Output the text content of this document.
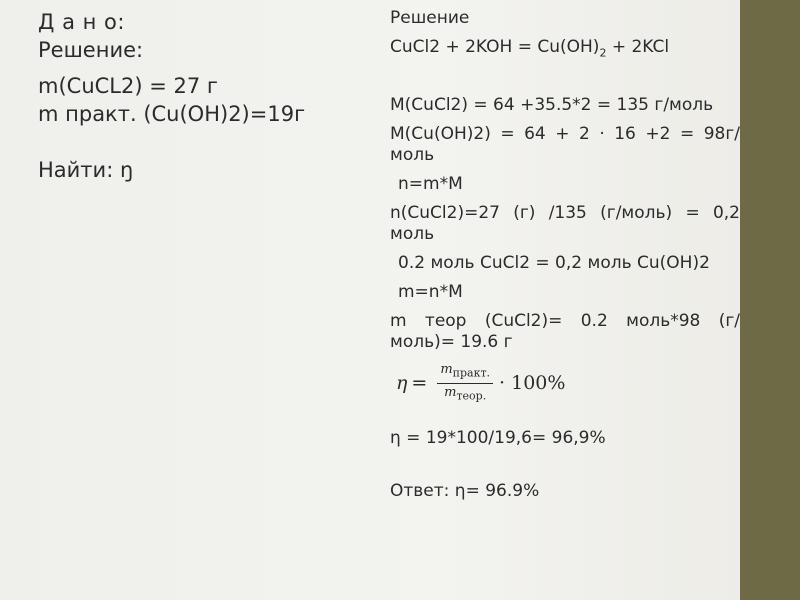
Д а н о:
Решение:
m(CuCL2) = 27 г
m практ. (Cu(OH)2)=19г
Найти: ŋ
Решение
CuCl2 + $2KOH = Cu(OH)_2 + 2KCl$
M(CuCl2) = 64 +35.5*2 = 135 г/моль
M(Cu(OH)2) = 64 + 2 · 16 +2 = 98г/моль
n=m*M
n(CuCl2)=27 (г) /135 (г/моль) = 0,2 моль
0.2 моль CuCl2 = 0,2 моль Cu(OH)2
m=n*M
m теор (CuCl2)= 0.2 моль*98 (г/моль)= 19.6 г
$\eta = \frac{m_{практ.}}{m_{теор.}} \cdot 100\%$
η = 19*100/19,6= 96,9%
Ответ: η= 96.9%
